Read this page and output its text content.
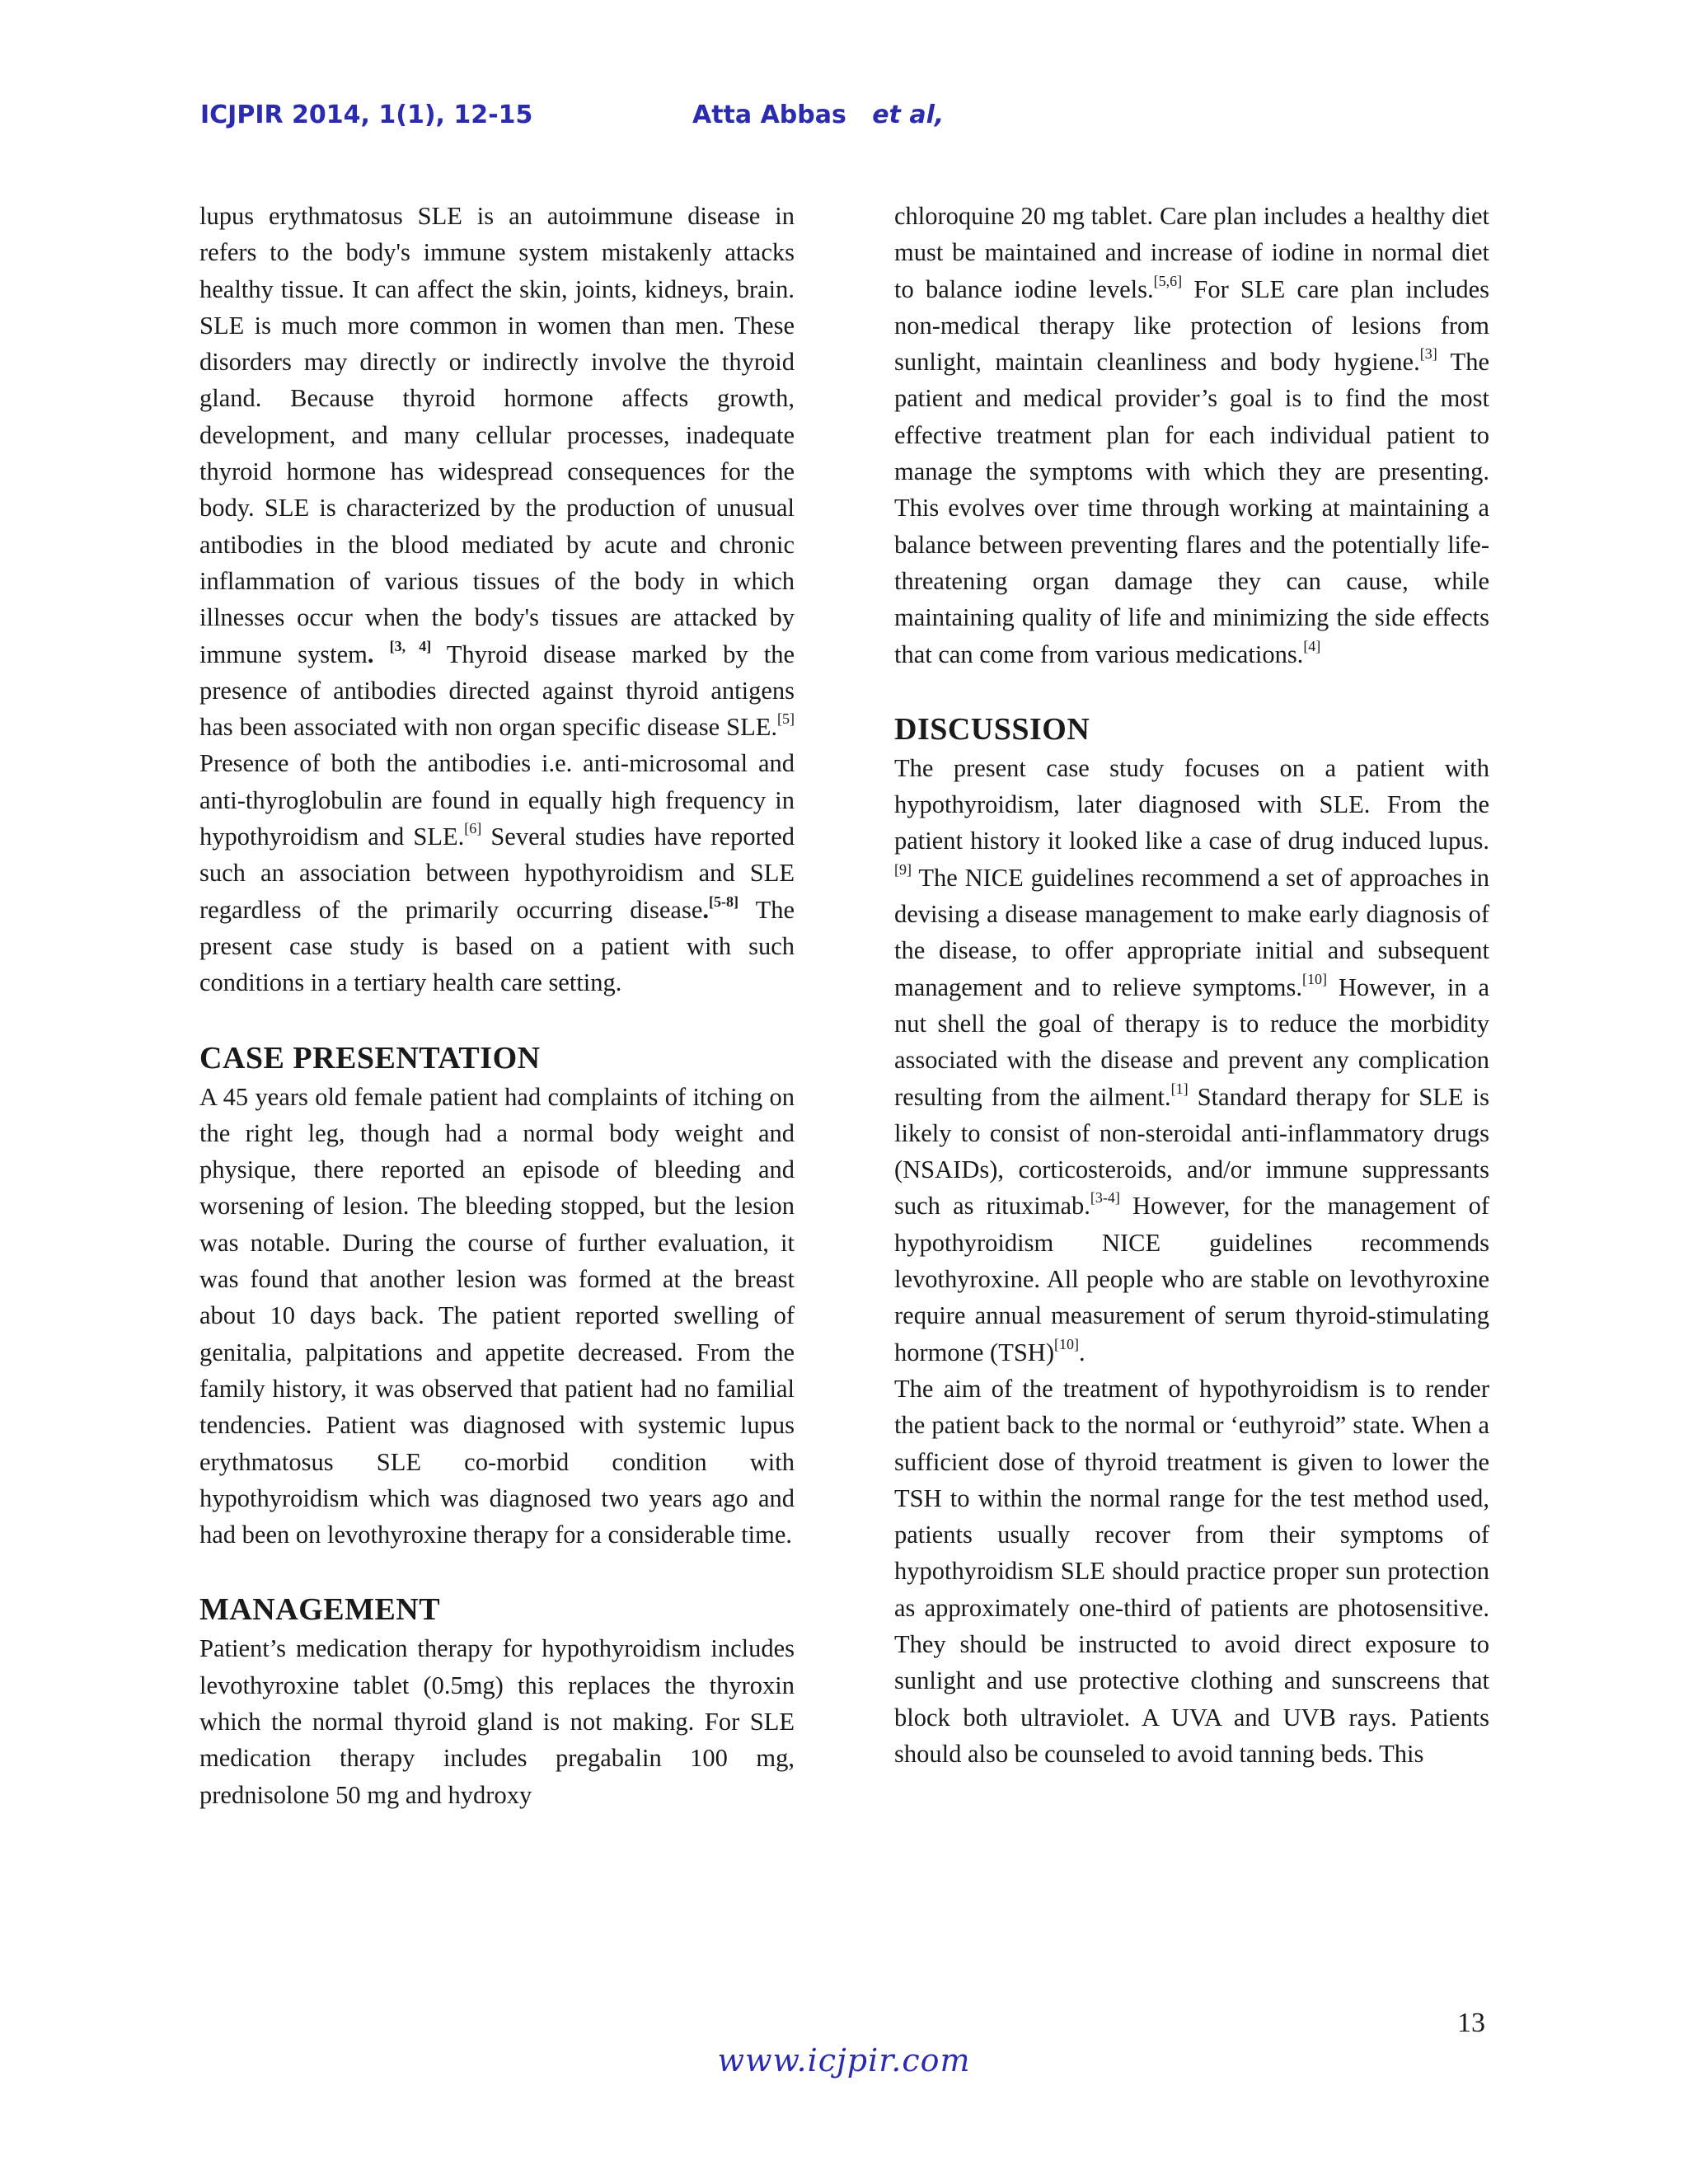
ICJPIR 2014, 1(1), 12-15	Atta Abbas et al,

lupus erythmatosus SLE is an autoimmune disease in refers to the body's immune system mistakenly attacks healthy tissue. It can affect the skin, joints, kidneys, brain. SLE is much more common in women than men. These disorders may directly or indirectly involve the thyroid gland. Because thyroid hormone affects growth, development, and many cellular processes, inadequate thyroid hormone has widespread consequences for the body. SLE is characterized by the production of unusual antibodies in the blood mediated by acute and chronic inflammation of various tissues of the body in which illnesses occur when the body's tissues are attacked by immune system. [3, 4] Thyroid disease marked by the presence of antibodies directed against thyroid antigens has been associated with non organ specific disease SLE.[5] Presence of both the antibodies i.e. anti-microsomal and anti-thyroglobulin are found in equally high frequency in hypothyroidism and SLE.[6] Several studies have reported such an association between hypothyroidism and SLE regardless of the primarily occurring disease.[5-8] The present case study is based on a patient with such conditions in a tertiary health care setting.

CASE PRESENTATION

A 45 years old female patient had complaints of itching on the right leg, though had a normal body weight and physique, there reported an episode of bleeding and worsening of lesion. The bleeding stopped, but the lesion was notable. During the course of further evaluation, it was found that another lesion was formed at the breast about 10 days back. The patient reported swelling of genitalia, palpitations and appetite decreased. From the family history, it was observed that patient had no familial tendencies. Patient was diagnosed with systemic lupus erythmatosus SLE co-morbid condition with hypothyroidism which was diagnosed two years ago and had been on levothyroxine therapy for a considerable time.

MANAGEMENT

Patient’s medication therapy for hypothyroidism includes levothyroxine tablet (0.5mg) this replaces the thyroxin which the normal thyroid gland is not making. For SLE medication therapy includes pregabalin 100 mg, prednisolone 50 mg and hydroxy

chloroquine 20 mg tablet. Care plan includes a healthy diet must be maintained and increase of iodine in normal diet to balance iodine levels.[5,6] For SLE care plan includes non-medical therapy like protection of lesions from sunlight, maintain cleanliness and body hygiene.[3] The patient and medical provider’s goal is to find the most effective treatment plan for each individual patient to manage the symptoms with which they are presenting. This evolves over time through working at maintaining a balance between preventing flares and the potentially life-threatening organ damage they can cause, while maintaining quality of life and minimizing the side effects that can come from various medications.[4]

DISCUSSION

The present case study focuses on a patient with hypothyroidism, later diagnosed with SLE. From the patient history it looked like a case of drug induced lupus.[9] The NICE guidelines recommend a set of approaches in devising a disease management to make early diagnosis of the disease, to offer appropriate initial and subsequent management and to relieve symptoms.[10] However, in a nut shell the goal of therapy is to reduce the morbidity associated with the disease and prevent any complication resulting from the ailment.[1] Standard therapy for SLE is likely to consist of non-steroidal anti-inflammatory drugs (NSAIDs), corticosteroids, and/or immune suppressants such as rituximab.[3-4] However, for the management of hypothyroidism NICE guidelines recommends levothyroxine. All people who are stable on levothyroxine require annual measurement of serum thyroid-stimulating hormone (TSH)[10].

The aim of the treatment of hypothyroidism is to render the patient back to the normal or ‘euthyroid” state. When a sufficient dose of thyroid treatment is given to lower the TSH to within the normal range for the test method used, patients usually recover from their symptoms of hypothyroidism SLE should practice proper sun protection as approximately one-third of patients are photosensitive. They should be instructed to avoid direct exposure to sunlight and use protective clothing and sunscreens that block both ultraviolet. A UVA and UVB rays. Patients should also be counseled to avoid tanning beds. This

13
www.icjpir.com
